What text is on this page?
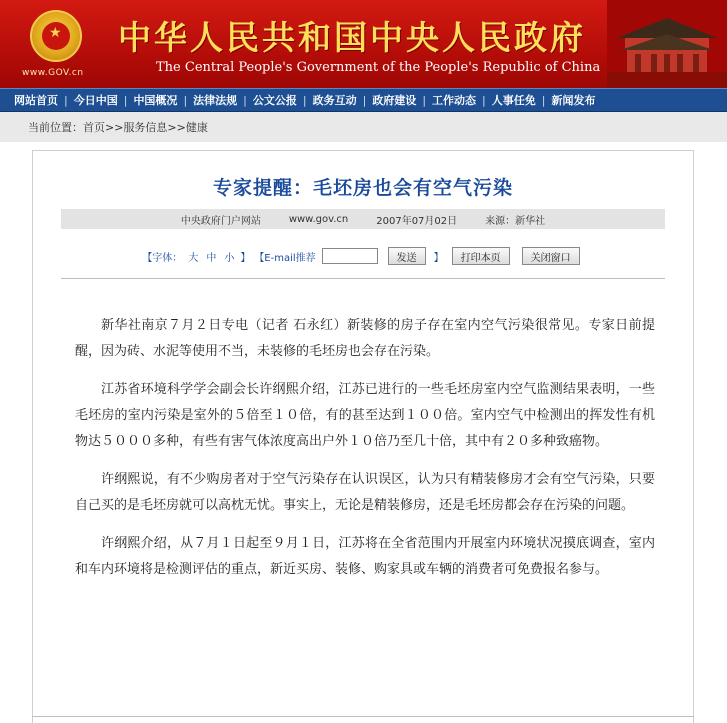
★
www.GOV.cn
中华人民共和国中央人民政府
The Central People's Government of the People's Republic of China
网站首页 | 今日中国 | 中国概况 | 法律法规 | 公文公报 | 政务互动 | 政府建设 | 工作动态 | 人事任免 | 新闻发布
当前位置： 首页>> 服务信息>> 健康
专家提醒：毛坯房也会有空气污染
中央政府门户网站	www.gov.cn	2007年07月02日	来源：新华社
【字体： 大 中 小 】 【E-mail推荐	发送	】	打印本页	关闭窗口

新华社南京７月２日专电（记者 石永红）新装修的房子存在室内空气污染很常见。专家日前提醒，因为砖、水泥等使用不当，未装修的毛坯房也会存在污染。

江苏省环境科学学会副会长许纲熙介绍，江苏已进行的一些毛坯房室内空气监测结果表明，一些毛坯房的室内污染是室外的５倍至１０倍，有的甚至达到１００倍。室内空气中检测出的挥发性有机物达５０００多种，有些有害气体浓度高出户外１０倍乃至几十倍，其中有２０多种致癌物。

许纲熙说，有不少购房者对于空气污染存在认识误区，认为只有精装修房才会有空气污染，只要自己买的是毛坯房就可以高枕无忧。事实上，无论是精装修房，还是毛坯房都会存在污染的问题。

许纲熙介绍，从７月１日起至９月１日，江苏将在全省范围内开展室内环境状况摸底调查，室内和车内环境将是检测评估的重点，新近买房、装修、购家具或车辆的消费者可免费报名参与。
